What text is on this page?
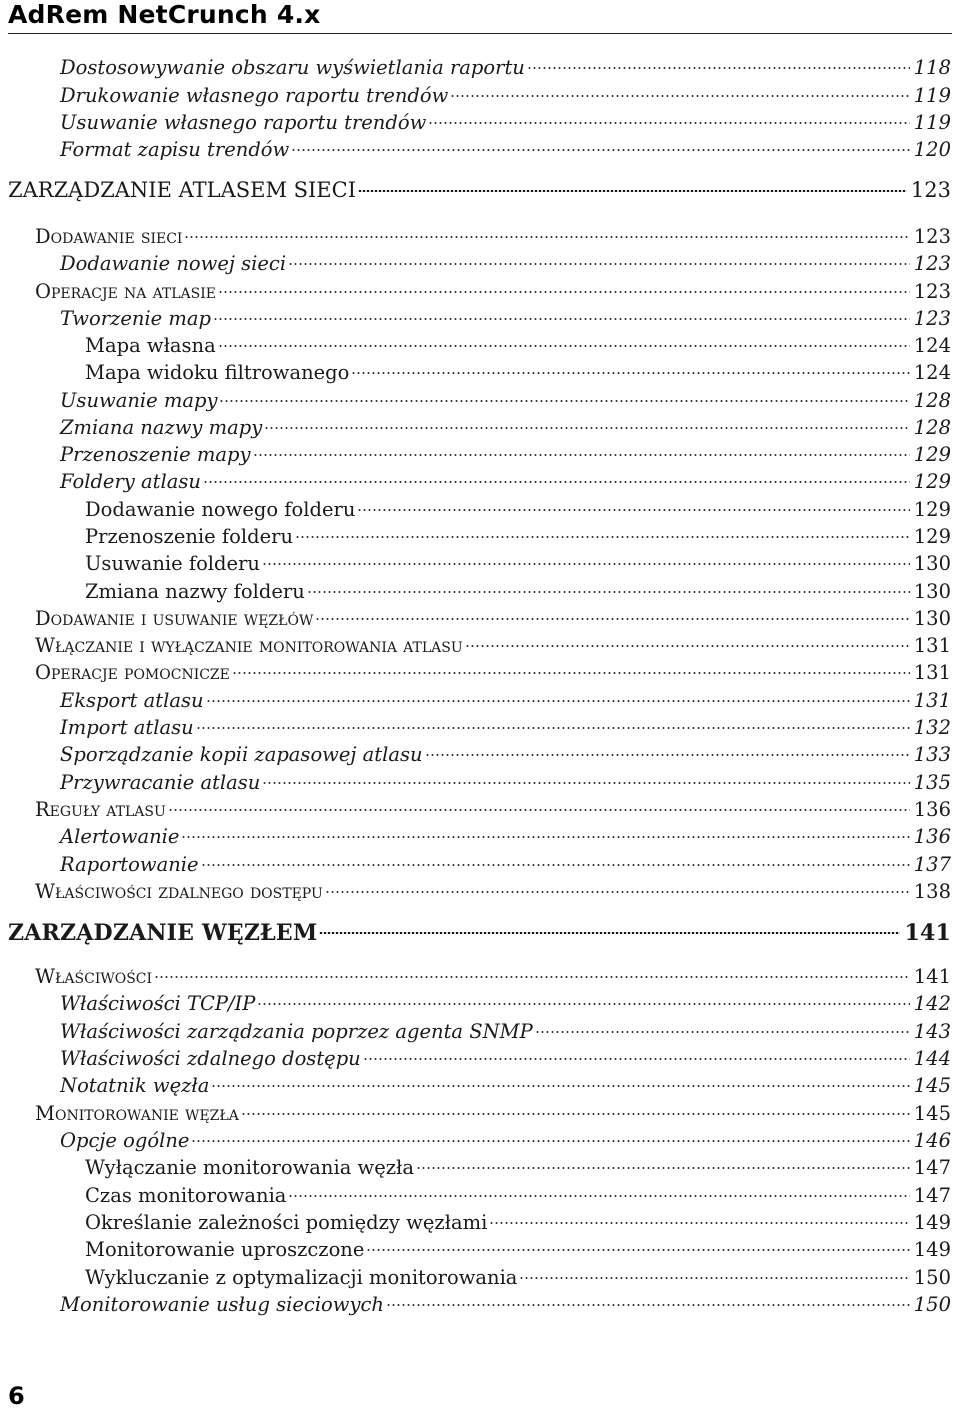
AdRem NetCrunch 4.x
Dostosowywanie obszaru wyświetlania raportu	118
Drukowanie własnego raportu trendów	119
Usuwanie własnego raportu trendów	119
Format zapisu trendów	120
ZARZĄDZANIE ATLASEM SIECI	123
Dodawanie sieci	123
Dodawanie nowej sieci	123
Operacje na atlasie	123
Tworzenie map	123
Mapa własna	124
Mapa widoku filtrowanego	124
Usuwanie mapy	128
Zmiana nazwy mapy	128
Przenoszenie mapy	129
Foldery atlasu	129
Dodawanie nowego folderu	129
Przenoszenie folderu	129
Usuwanie folderu	130
Zmiana nazwy folderu	130
Dodawanie i usuwanie węzłów	130
Włączanie i wyłączanie monitorowania atlasu	131
Operacje pomocnicze	131
Eksport atlasu	131
Import atlasu	132
Sporządzanie kopii zapasowej atlasu	133
Przywracanie atlasu	135
Reguły atlasu	136
Alertowanie	136
Raportowanie	137
Właściwości zdalnego dostępu	138
ZARZĄDZANIE WĘZŁEM	141
Właściwości	141
Właściwości TCP/IP	142
Właściwości zarządzania poprzez agenta SNMP	143
Właściwości zdalnego dostępu	144
Notatnik węzła	145
Monitorowanie węzła	145
Opcje ogólne	146
Wyłączanie monitorowania węzła	147
Czas monitorowania	147
Określanie zależności pomiędzy węzłami	149
Monitorowanie uproszczone	149
Wykluczanie z optymalizacji monitorowania	150
Monitorowanie usług sieciowych	150
6
